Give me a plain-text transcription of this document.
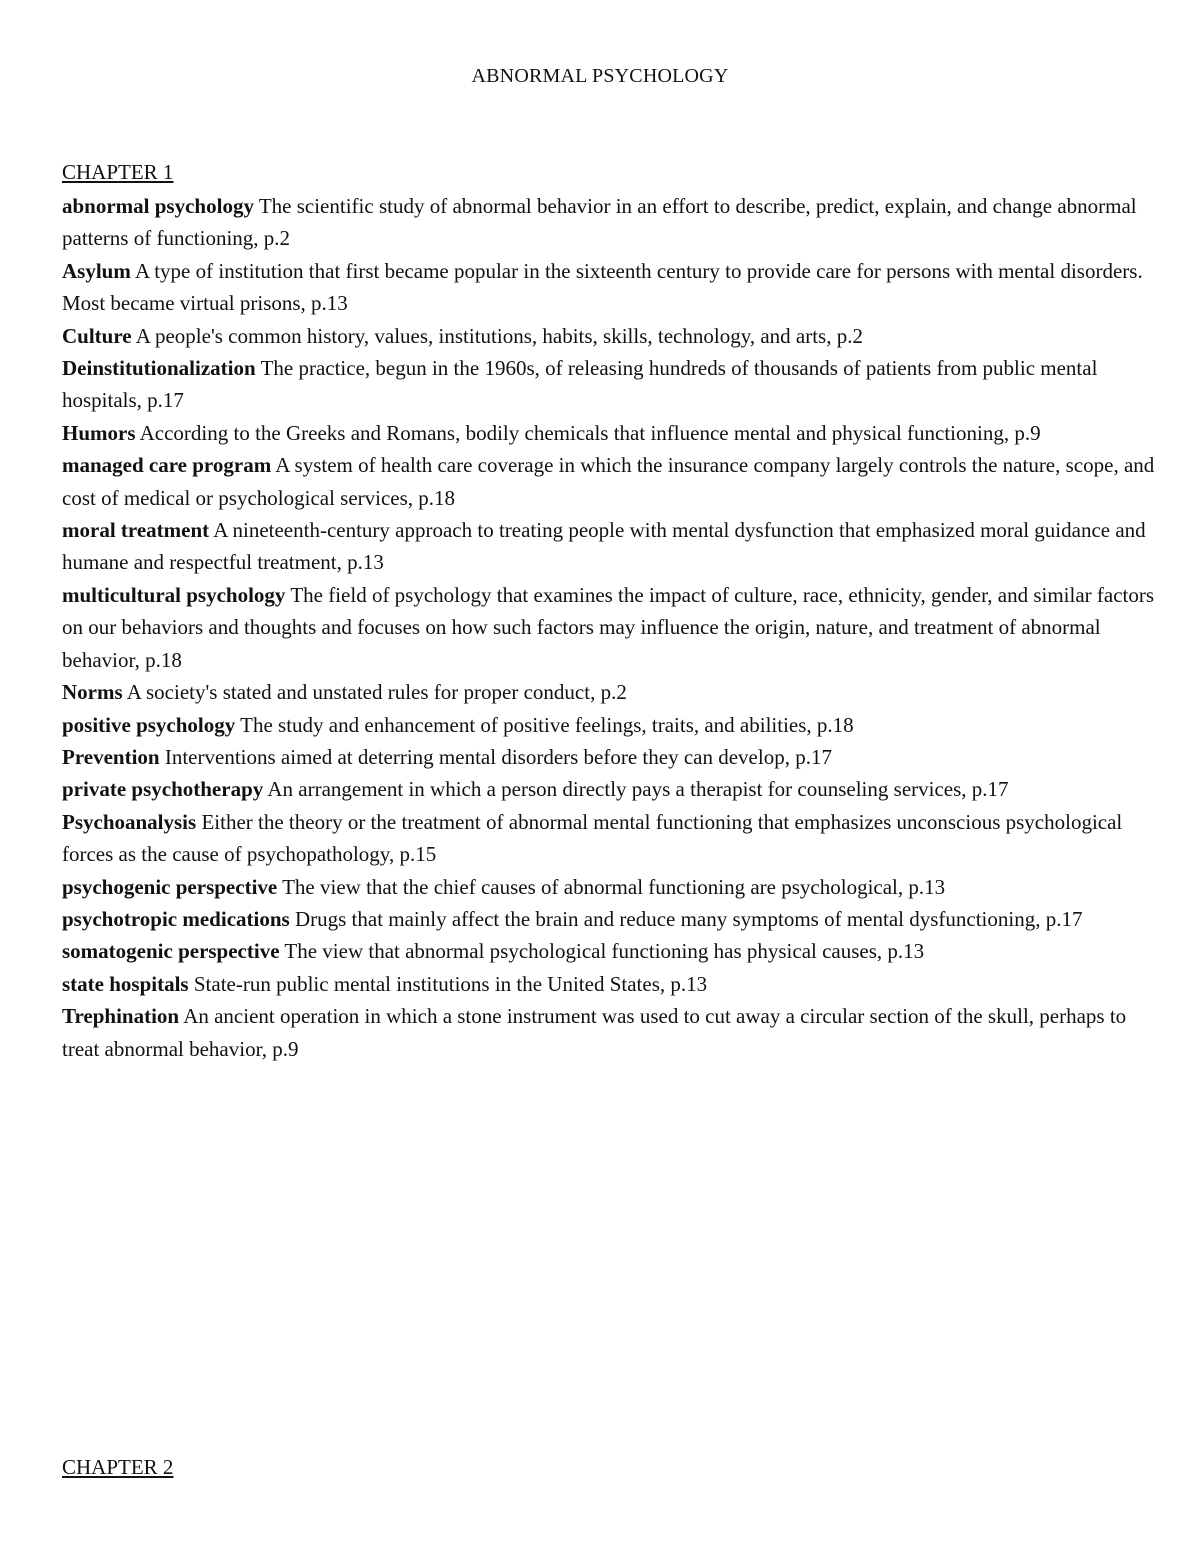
ABNORMAL PSYCHOLOGY
CHAPTER 1
abnormal psychology The scientific study of abnormal behavior in an effort to describe, predict, explain, and change abnormal patterns of functioning, p.2
Asylum A type of institution that first became popular in the sixteenth century to provide care for persons with mental disorders. Most became virtual prisons, p.13
Culture A people's common history, values, institutions, habits, skills, technology, and arts, p.2
Deinstitutionalization The practice, begun in the 1960s, of releasing hundreds of thousands of patients from public mental hospitals, p.17
Humors According to the Greeks and Romans, bodily chemicals that influence mental and physical functioning, p.9
managed care program A system of health care coverage in which the insurance company largely controls the nature, scope, and cost of medical or psychological services, p.18
moral treatment A nineteenth-century approach to treating people with mental dysfunction that emphasized moral guidance and humane and respectful treatment, p.13
multicultural psychology The field of psychology that examines the impact of culture, race, ethnicity, gender, and similar factors on our behaviors and thoughts and focuses on how such factors may influence the origin, nature, and treatment of abnormal behavior, p.18
Norms A society's stated and unstated rules for proper conduct, p.2
positive psychology The study and enhancement of positive feelings, traits, and abilities, p.18
Prevention Interventions aimed at deterring mental disorders before they can develop, p.17
private psychotherapy An arrangement in which a person directly pays a therapist for counseling services, p.17
Psychoanalysis Either the theory or the treatment of abnormal mental functioning that emphasizes unconscious psychological forces as the cause of psychopathology, p.15
psychogenic perspective The view that the chief causes of abnormal functioning are psychological, p.13
psychotropic medications Drugs that mainly affect the brain and reduce many symptoms of mental dysfunctioning, p.17
somatogenic perspective The view that abnormal psychological functioning has physical causes, p.13
state hospitals State-run public mental institutions in the United States, p.13
Trephination An ancient operation in which a stone instrument was used to cut away a circular section of the skull, perhaps to treat abnormal behavior, p.9
CHAPTER 2
